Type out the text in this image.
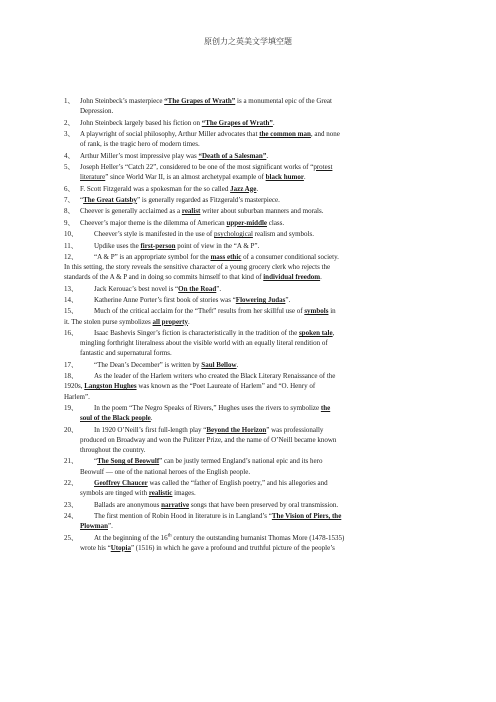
原创力之英美文学填空题
1、 John Steinbeck’s masterpiece “The Grapes of Wrath” is a monumental epic of the Great
Depression.
2、 John Steinbeck largely based his fiction on “The Grapes of Wrath”.
3、 A playwright of social philosophy, Arthur Miller advocates that the common man, and none
of rank, is the tragic hero of modern times.
4、 Arthur Miller’s most impressive play was “Death of a Salesman”.
5、 Joseph Heller’s “Catch 22”, considered to be one of the most significant works of “protest
literature” since World War II, is an almost archetypal example of black humor.
6、 F. Scott Fitzgerald was a spokesman for the so called Jazz Age.
7、 “The Great Gatsby” is generally regarded as Fitzgerald’s masterpiece.
8、 Cheever is generally acclaimed as a realist writer about suburban manners and morals.
9、 Cheever’s major theme is the dilemma of American upper-middle class.
10、	Cheever’s style is manifested in the use of psychological realism and symbols.
11、	Updike uses the first-person point of view in the “A & P”.
12、	“A & P” is an appropriate symbol for the mass ethic of a consumer conditional society.
In this setting, the story reveals the sensitive character of a young grocery clerk who rejects the
standards of the A & P and in doing so commits himself to that kind of individual freedom.
13、	Jack Kerouac’s best novel is “On the Road”.
14、	Katherine Anne Porter’s first book of stories was “Flowering Judas”.
15、	Much of the critical acclaim for the “Theft” results from her skillful use of symbols in
it. The stolen purse symbolizes all property.
16、	Isaac Bashevis Singer’s fiction is characteristically in the tradition of the spoken tale,
mingling forthright literalness about the visible world with an equally literal rendition of
fantastic and supernatural forms.
17、	“The Dean’s December” is written by Saul Bellow.
18、	As the leader of the Harlem writers who created the Black Literary Renaissance of the
1920s, Langston Hughes was known as the “Poet Laureate of Harlem” and “O. Henry of
Harlem”.
19、	In the poem “The Negro Speaks of Rivers,” Hughes uses the rivers to symbolize the
soul of the Black people.
20、	In 1920 O’Neill’s first full-length play “Beyond the Horizon” was professionally
produced on Broadway and won the Pulitzer Prize, and the name of O’Neill became known
throughout the country.
21、	“The Song of Beowulf” can be justly termed England’s national epic and its hero
Beowulf — one of the national heroes of the English people.
22、	Geoffrey Chaucer was called the “father of English poetry,” and his allegories and
symbols are tinged with realistic images.
23、	Ballads are anonymous narrative songs that have been preserved by oral transmission.
24、	The first mention of Robin Hood in literature is in Langland’s “The Vision of Piers, the
Plowman”.
25、	At the beginning of the 16th century the outstanding humanist Thomas More (1478-1535)
wrote his “Utopia” (1516) in which he gave a profound and truthful picture of the people’s
